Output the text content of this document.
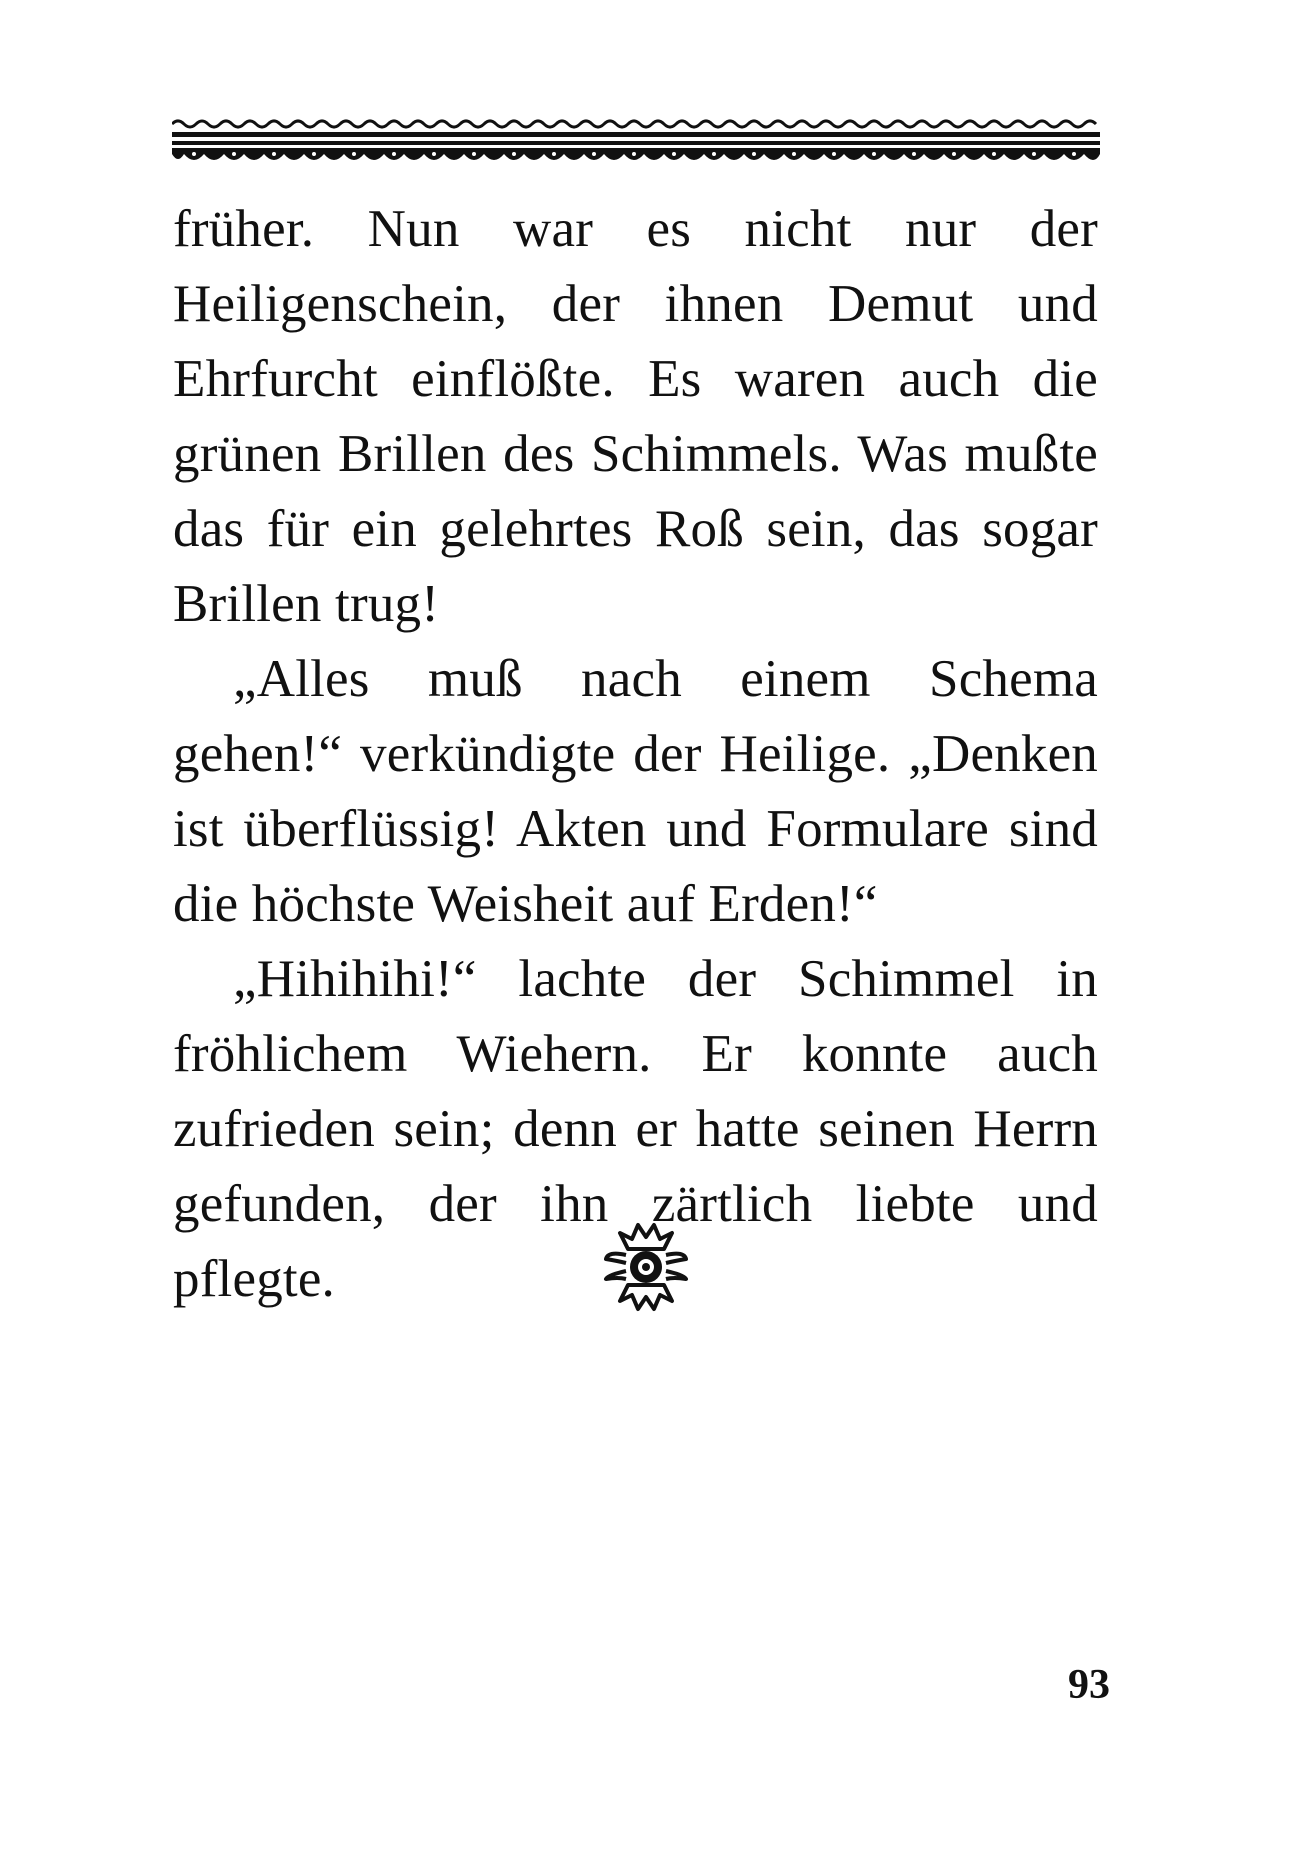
früher. Nun war es nicht nur der Heiligenschein, der ihnen Demut und Ehrfurcht einflößte. Es waren auch die grünen Brillen des Schimmels. Was mußte das für ein gelehrtes Roß sein, das sogar Brillen trug!

„Alles muß nach einem Schema gehen!“ verkündigte der Heilige. „Denken ist überflüssig! Akten und Formulare sind die höchste Weisheit auf Erden!“

„Hihihihi!“ lachte der Schimmel in fröhlichem Wiehern. Er konnte auch zufrieden sein; denn er hatte seinen Herrn gefunden, der ihn zärtlich liebte und pflegte.

93
